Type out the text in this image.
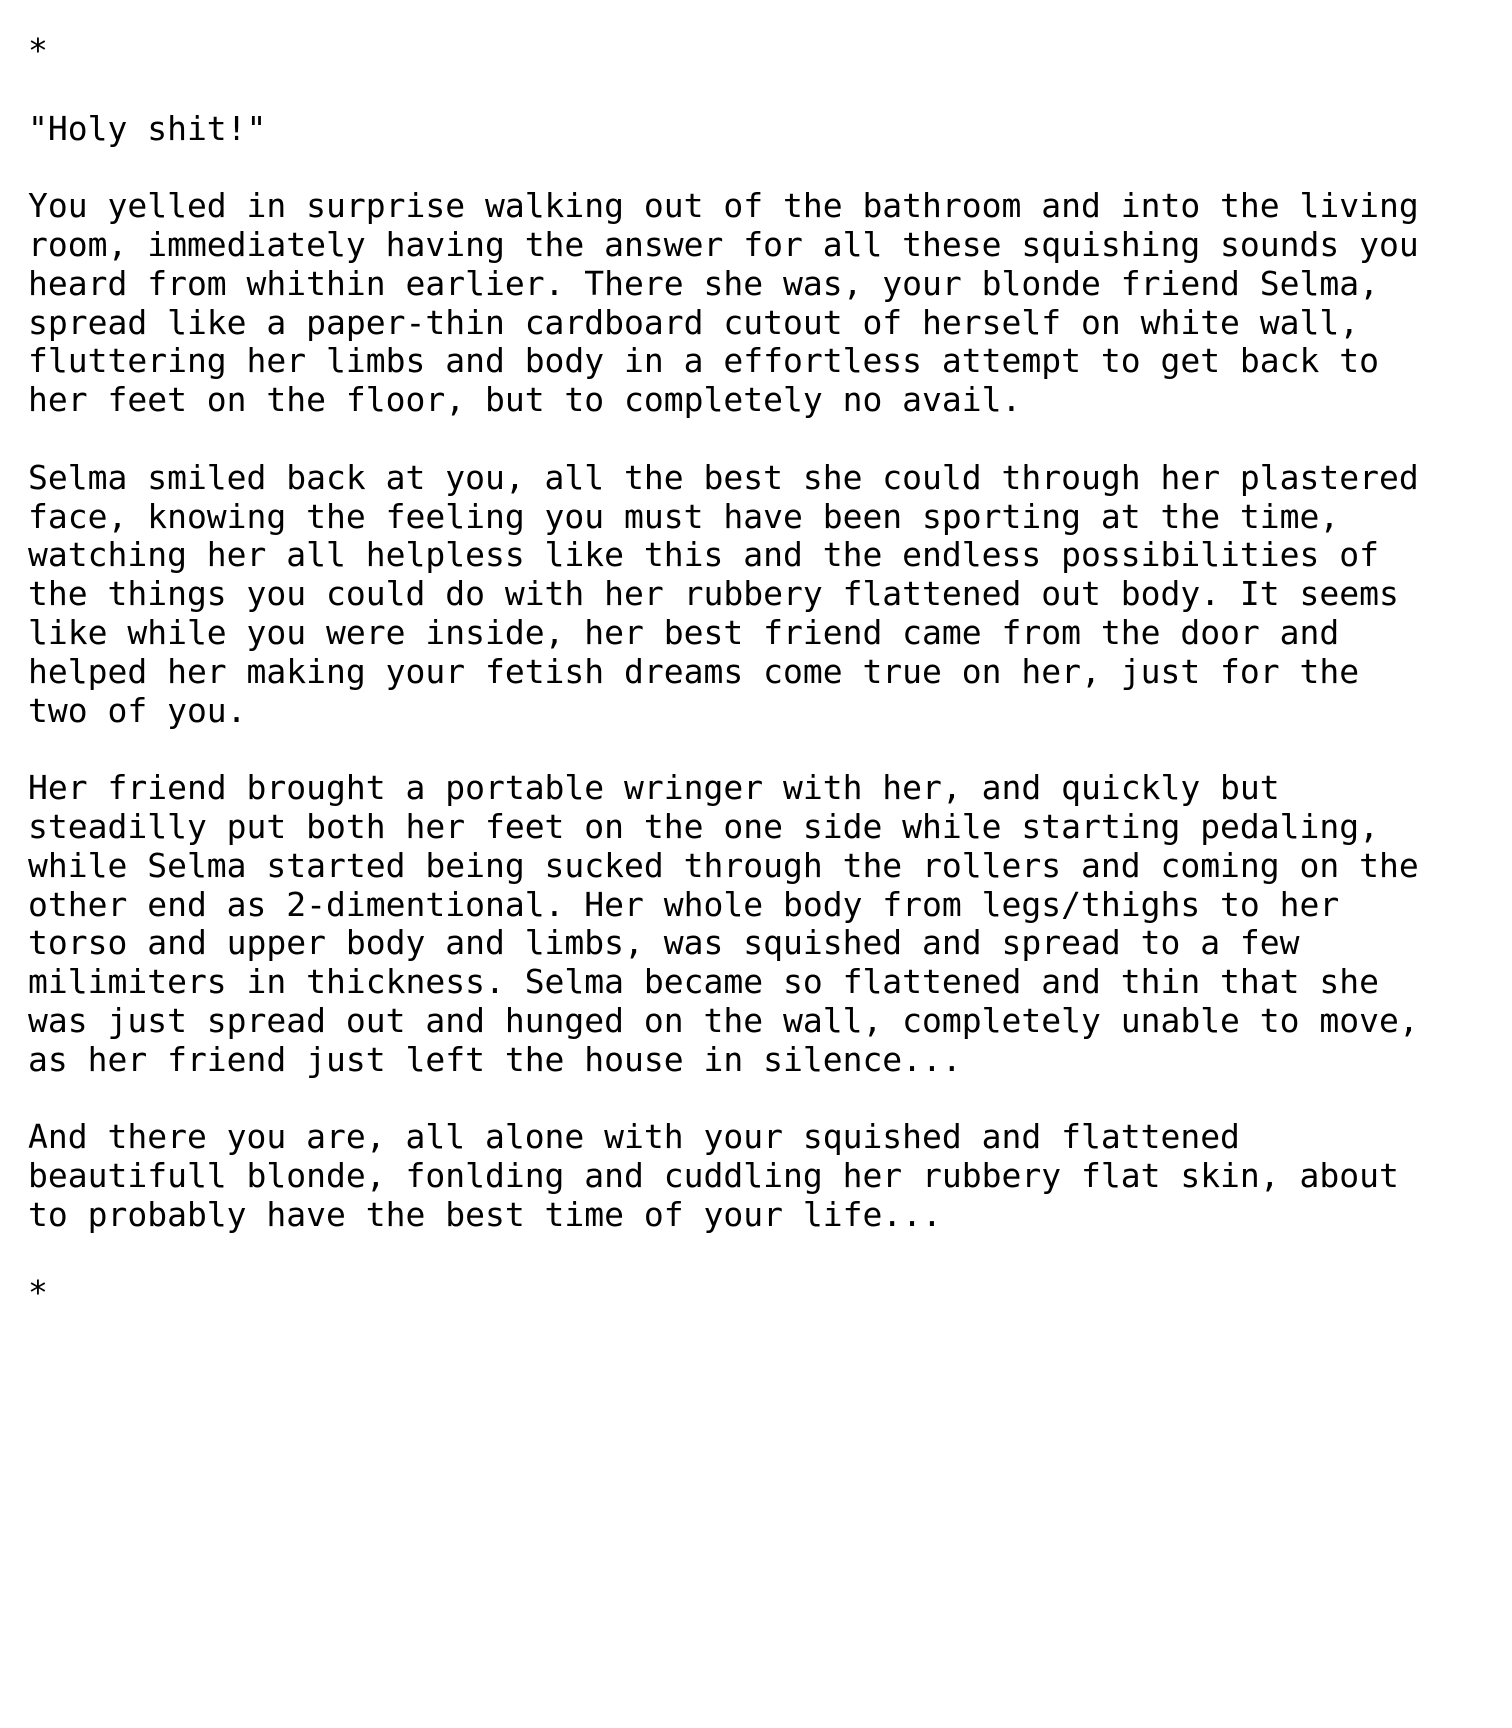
*
"Holy shit!"
You yelled in surprise walking out of the bathroom and into the living
room, immediately having the answer for all these squishing sounds you
heard from whithin earlier. There she was, your blonde friend Selma,
spread like a paper-thin cardboard cutout of herself on white wall,
fluttering her limbs and body in a effortless attempt to get back to
her feet on the floor, but to completely no avail.
Selma smiled back at you, all the best she could through her plastered
face, knowing the feeling you must have been sporting at the time,
watching her all helpless like this and the endless possibilities of
the things you could do with her rubbery flattened out body. It seems
like while you were inside, her best friend came from the door and
helped her making your fetish dreams come true on her, just for the
two of you.
Her friend brought a portable wringer with her, and quickly but
steadilly put both her feet on the one side while starting pedaling,
while Selma started being sucked through the rollers and coming on the
other end as 2-dimentional. Her whole body from legs/thighs to her
torso and upper body and limbs, was squished and spread to a few
milimiters in thickness. Selma became so flattened and thin that she
was just spread out and hunged on the wall, completely unable to move,
as her friend just left the house in silence...
And there you are, all alone with your squished and flattened
beautifull blonde, fonlding and cuddling her rubbery flat skin, about
to probably have the best time of your life...
*
